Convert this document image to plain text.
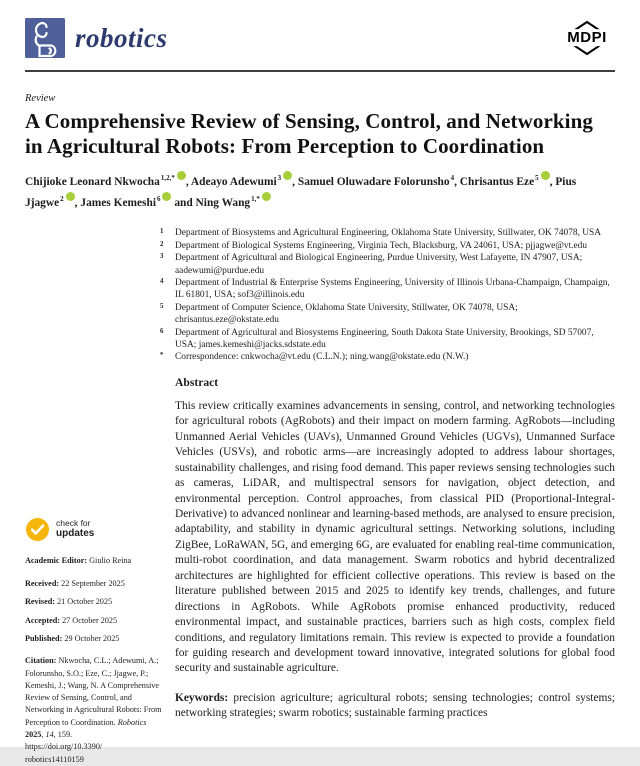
robotics	MDPI
Review
A Comprehensive Review of Sensing, Control, and Networking in Agricultural Robots: From Perception to Coordination
Chijioke Leonard Nkwocha$^{1,2,*}$ , Adeayo Adewumi$^3$ , Samuel Oluwadare Folorunsho$^4$, Chrisantus Eze$^5$ , Pius Jjagwe$^2$ , James Kemeshi$^6$ and Ning Wang$^{1,*}$
1	Department of Biosystems and Agricultural Engineering, Oklahoma State University, Stillwater, OK 74078, USA
2	Department of Biological Systems Engineering, Virginia Tech, Blacksburg, VA 24061, USA; pjjagwe@vt.edu
3	Department of Agricultural and Biological Engineering, Purdue University, West Lafayette, IN 47907, USA; aadewumi@purdue.edu
4	Department of Industrial & Enterprise Systems Engineering, University of Illinois Urbana-Champaign, Champaign, IL 61801, USA; sof3@illinois.edu
5	Department of Computer Science, Oklahoma State University, Stillwater, OK 74078, USA; chrisantus.eze@okstate.edu
6	Department of Agricultural and Biosystems Engineering, South Dakota State University, Brookings, SD 57007, USA; james.kemeshi@jacks.sdstate.edu
*	Correspondence: cnkwocha@vt.edu (C.L.N.); ning.wang@okstate.edu (N.W.)
Abstract

This review critically examines advancements in sensing, control, and networking technologies for agricultural robots (AgRobots) and their impact on modern farming. AgRobots—including Unmanned Aerial Vehicles (UAVs), Unmanned Ground Vehicles (UGVs), Unmanned Surface Vehicles (USVs), and robotic arms—are increasingly adopted to address labour shortages, sustainability challenges, and rising food demand. This paper reviews sensing technologies such as cameras, LiDAR, and multispectral sensors for navigation, object detection, and environmental perception. Control approaches, from classical PID (Proportional-Integral-Derivative) to advanced nonlinear and learning-based methods, are analysed to ensure precision, adaptability, and stability in dynamic agricultural settings. Networking solutions, including ZigBee, LoRaWAN, 5G, and emerging 6G, are evaluated for enabling real-time communication, multi-robot coordination, and data management. Swarm robotics and hybrid decentralized architectures are highlighted for efficient collective operations. This review is based on the literature published between 2015 and 2025 to identify key trends, challenges, and future directions in AgRobots. While AgRobots promise enhanced productivity, reduced environmental impact, and sustainable practices, barriers such as high costs, complex field conditions, and regulatory limitations remain. This review is expected to provide a foundation for guiding research and development toward innovative, integrated solutions for global food security and sustainable agriculture.

Keywords: precision agriculture; agricultural robots; sensing technologies; control systems; networking strategies; swarm robotics; sustainable farming practices

check for
updates
Academic Editor: Giulio Reina
Received: 22 September 2025
Revised: 21 October 2025
Accepted: 27 October 2025
Published: 29 October 2025
Citation: Nkwocha, C.L.; Adewumi, A.; Folorunsho, S.O.; Eze, C.; Jjagwe, P.; Kemeshi, J.; Wang, N. A Comprehensive Review of Sensing, Control, and Networking in Agricultural Robots: From Perception to Coordination. Robotics 2025, 14, 159.
https://doi.org/10.3390/
robotics14110159
